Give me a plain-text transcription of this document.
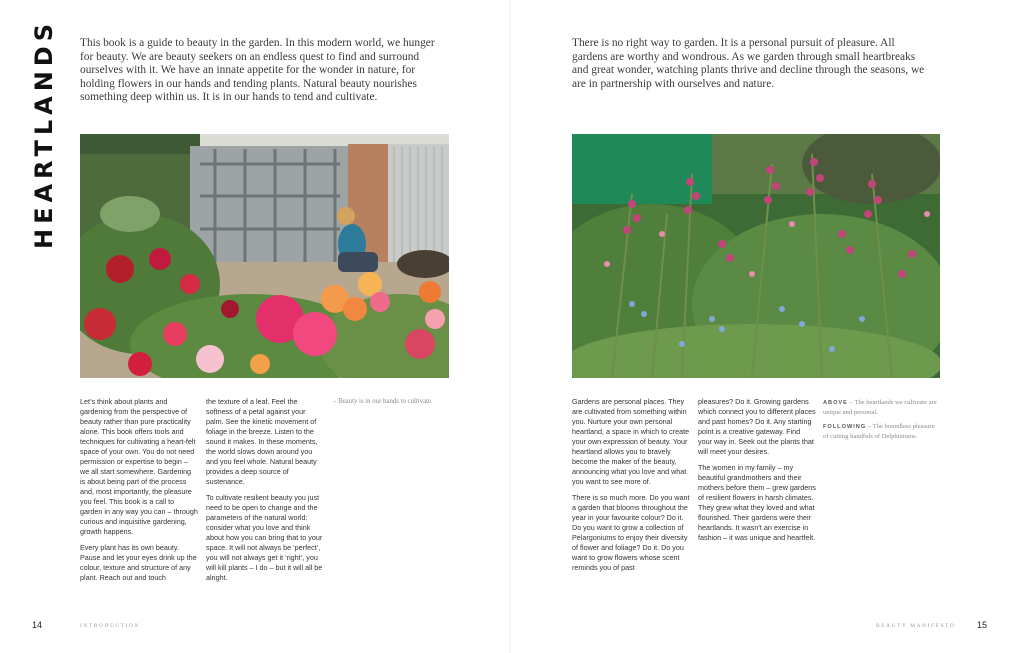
HEARTLANDS This book is a guide to beauty in the garden. In this modern world, we hunger for beauty. We are beauty seekers on an endless quest to find and surround ourselves with it. We have an innate appetite for the wonder in nature, for holding flowers in our hands and tending plants. Natural beauty nourishes something deep within us. It is in our hands to tend and cultivate.
There is no right way to garden. It is a personal pursuit of pleasure. All gardens are worthy and wondrous. As we garden through small heartbreaks and great wonder, watching plants thrive and decline through the seasons, we are in partnership with ourselves and nature.

Let’s think about plants and gardening from the perspective of beauty rather than pure practicality alone. This book offers tools and techniques for cultivating a heart-felt space of your own. You do not need permission or expertise to begin – we all start somewhere. Gardening is about being part of the process and, most importantly, the pleasure you feel. This book is a call to garden in any way you can – through curious and inquisitive gardening, growth happens.

Every plant has its own beauty. Pause and let your eyes drink up the colour, texture and structure of any plant. Reach out and touch

the texture of a leaf. Feel the softness of a petal against your palm. See the kinetic movement of foliage in the breeze. Listen to the sound it makes. In these moments, the world slows down around you and you feel whole. Natural beauty provides a deep source of sustenance.

To cultivate resilient beauty you just need to be open to change and the parameters of the natural world: consider what you love and think about how you can bring that to your space. It will not always be ‘perfect’, you will not always get it ‘right’, you will kill plants – I do – but it will all be alright.

– Beauty is in our hands to cultivate.	Gardens are personal places. They are cultivated from something within you. Nurture your own personal heartland, a space in which to create your own expression of beauty. Your heartland allows you to bravely become the maker of the beauty, announcing what you love and what you want to see more of.

There is so much more. Do you want a garden that blooms throughout the year in your favourite colour? Do it. Do you want to grow a collection of Pelargoniums to enjoy their diversity of flower and foliage? Do it. Do you want to grow flowers whose scent reminds you of past

pleasures? Do it. Growing gardens which connect you to different places and past homes? Do it. Any starting point is a creative gateway. Find your way in. Seek out the plants that will meet your desires.

The women in my family – my beautiful grandmothers and their mothers before them – grew gardens of resilient flowers in harsh climates. They grew what they loved and what flourished. Their gardens were their heartlands. It wasn’t an exercise in fashion – it was unique and heartfelt.

ABOVE – The heartlands we cultivate are unique and personal.
FOLLOWING – The boundless pleasure of cutting handfuls of Delphiniums.
14	INTRODUCTION	BEAUTY MANIFESTO 15
